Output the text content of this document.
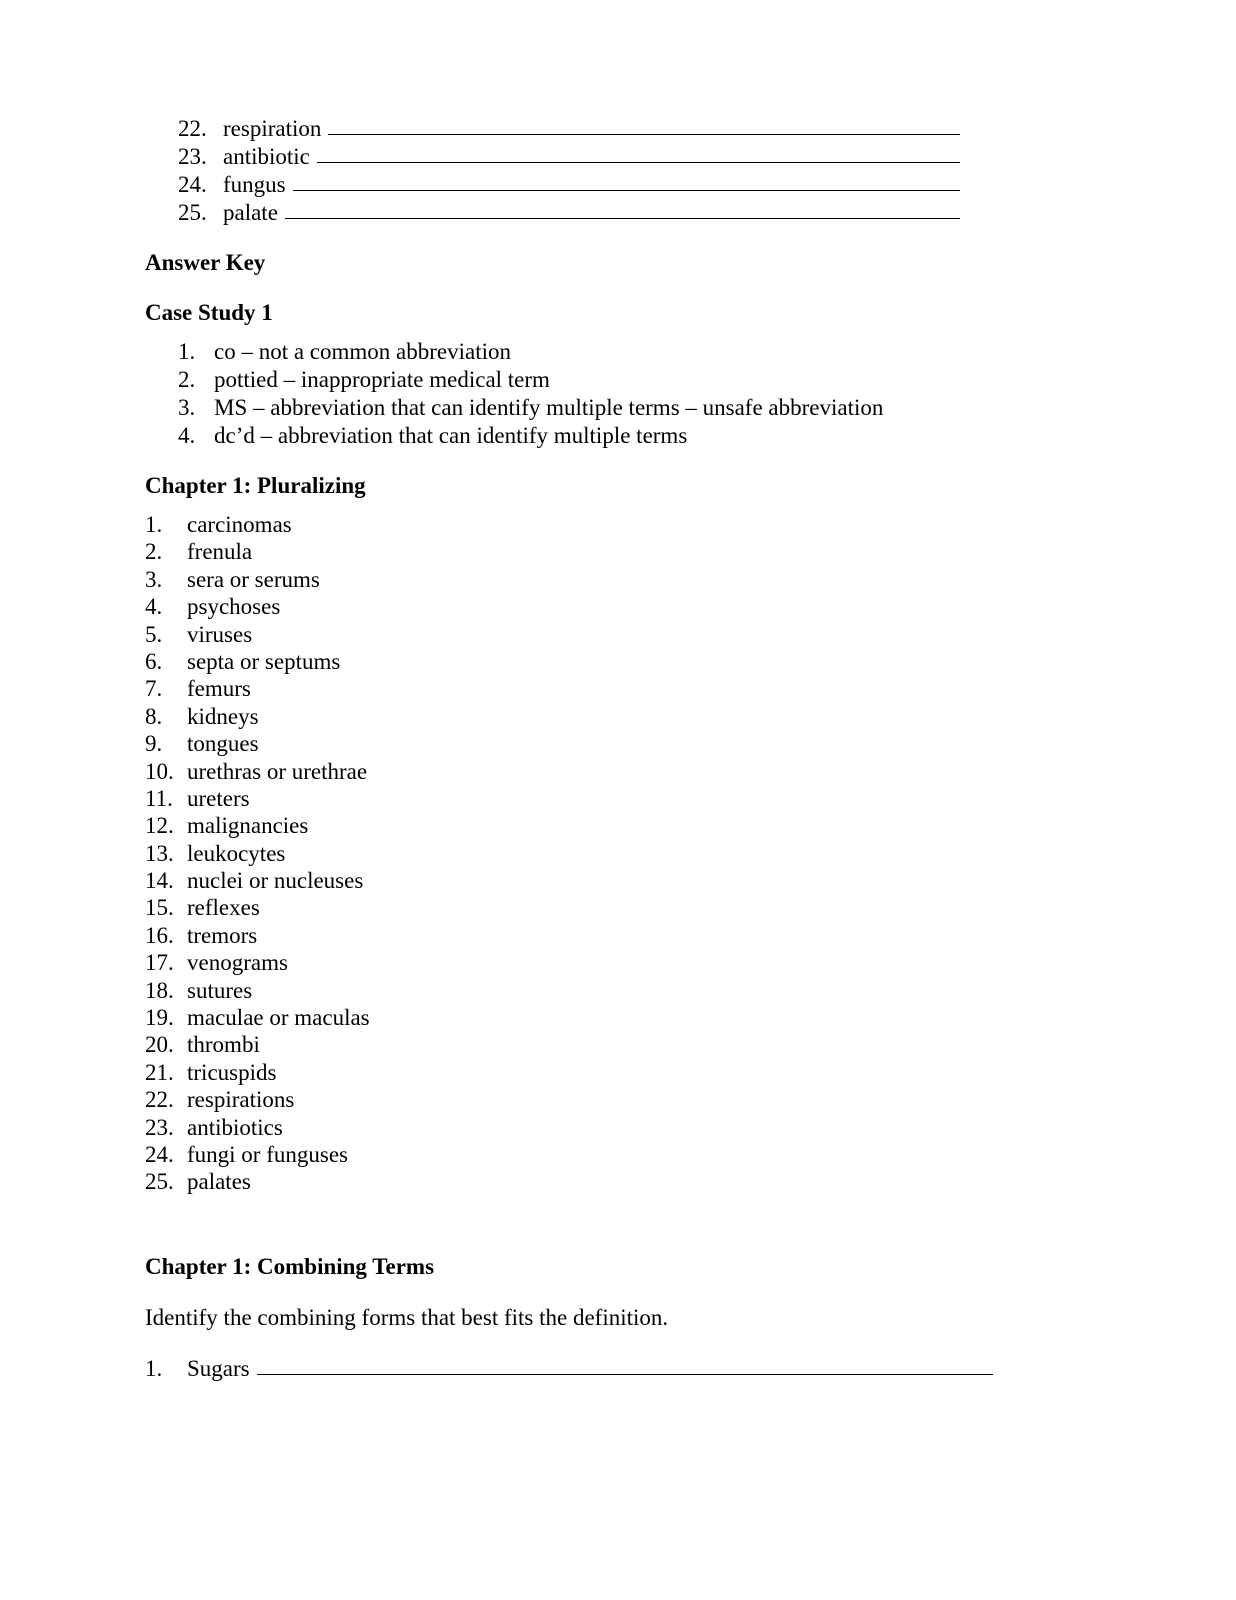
22. respiration
23. antibiotic
24. fungus
25. palate
Answer Key
Case Study 1
1. co – not a common abbreviation
2. pottied – inappropriate medical term
3. MS – abbreviation that can identify multiple terms – unsafe abbreviation
4. dc’d – abbreviation that can identify multiple terms
Chapter 1: Pluralizing
1.	carcinomas
2.	frenula
3.	sera or serums
4.	psychoses
5.	viruses
6.	septa or septums
7.	femurs
8.	kidneys
9.	tongues
10. urethras or urethrae
11. ureters
12. malignancies
13. leukocytes
14. nuclei or nucleuses
15. reflexes
16. tremors
17. venograms
18. sutures
19. maculae or maculas
20. thrombi
21. tricuspids
22. respirations
23. antibiotics
24. fungi or funguses
25. palates
Chapter 1: Combining Terms

Identify the combining forms that best fits the definition.

1.	Sugars
